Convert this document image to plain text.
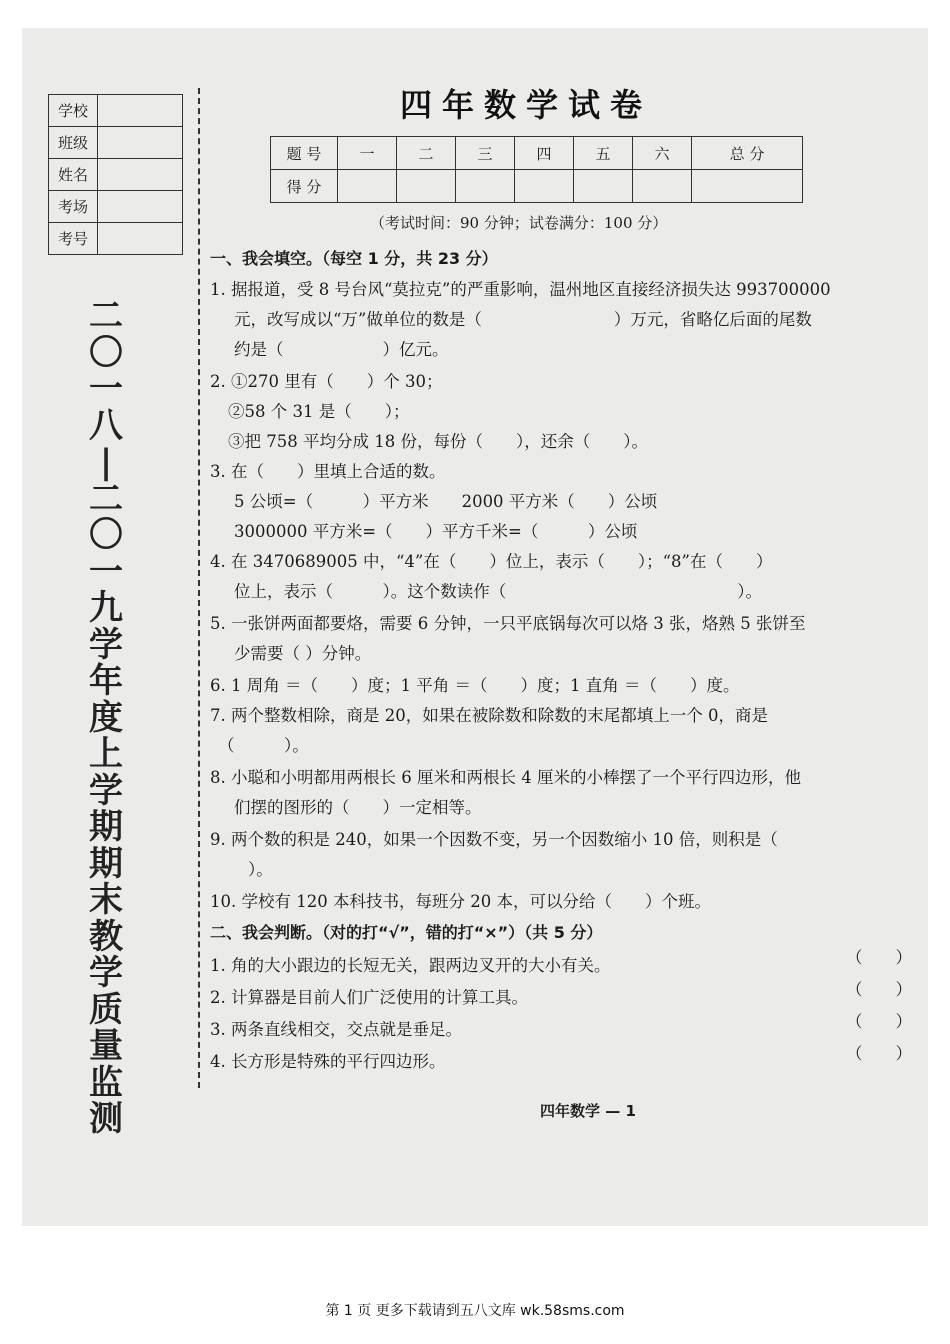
学校	
班级	
姓名	
考场	
考号	
二
〇
一
八
|
二
〇
一
九
学
年
度
上
学
期
期
末
教
学
质
量
监
测
四年数学试卷
题 号	一	二	三	四	五	六	总 分
得 分							
（考试时间：90 分钟；试卷满分：100 分）
一、我会填空。（每空 1 分，共 23 分）
1. 据报道，受 8 号台风“莫拉克”的严重影响，温州地区直接经济损失达 993700000
元，改写成以“万”做单位的数是（　　　　　　　　）万元，省略亿后面的尾数
约是（　　　　　　）亿元。
2. ①270 里有（　　）个 30；
②58 个 31 是（　　）；
③把 758 平均分成 18 份，每份（　　），还余（　　）。
3. 在（　　）里填上合适的数。
5 公顷=（　　　）平方米　　2000 平方米（　　）公顷
3000000 平方米=（　　）平方千米=（　　　）公顷
4. 在 3470689005 中，“4”在（　　）位上，表示（　　）；“8”在（　　）
位上，表示（　　　）。这个数读作（　　　　　　　　　　　　　　）。
5. 一张饼两面都要烙，需要 6 分钟，一只平底锅每次可以烙 3 张，烙熟 5 张饼至
少需要（ ）分钟。
6. 1 周角 ＝（　　）度；1 平角 ＝（　　）度；1 直角 ＝（　　）度。
7. 两个整数相除，商是 20，如果在被除数和除数的末尾都填上一个 0，商是
（　　　）。
8. 小聪和小明都用两根长 6 厘米和两根长 4 厘米的小棒摆了一个平行四边形，他
们摆的图形的（　　）一定相等。
9. 两个数的积是 240，如果一个因数不变，另一个因数缩小 10 倍，则积是（
）。
10. 学校有 120 本科技书，每班分 20 本，可以分给（　　）个班。
二、我会判断。（对的打“√”，错的打“×”）（共 5 分）
1. 角的大小跟边的长短无关，跟两边叉开的大小有关。	（　　）
2. 计算器是目前人们广泛使用的计算工具。	（　　）
3. 两条直线相交，交点就是垂足。	（　　）
4. 长方形是特殊的平行四边形。	（　　）
四年数学 — 1
第 1 页 更多下载请到五八文库 wk.58sms.com
